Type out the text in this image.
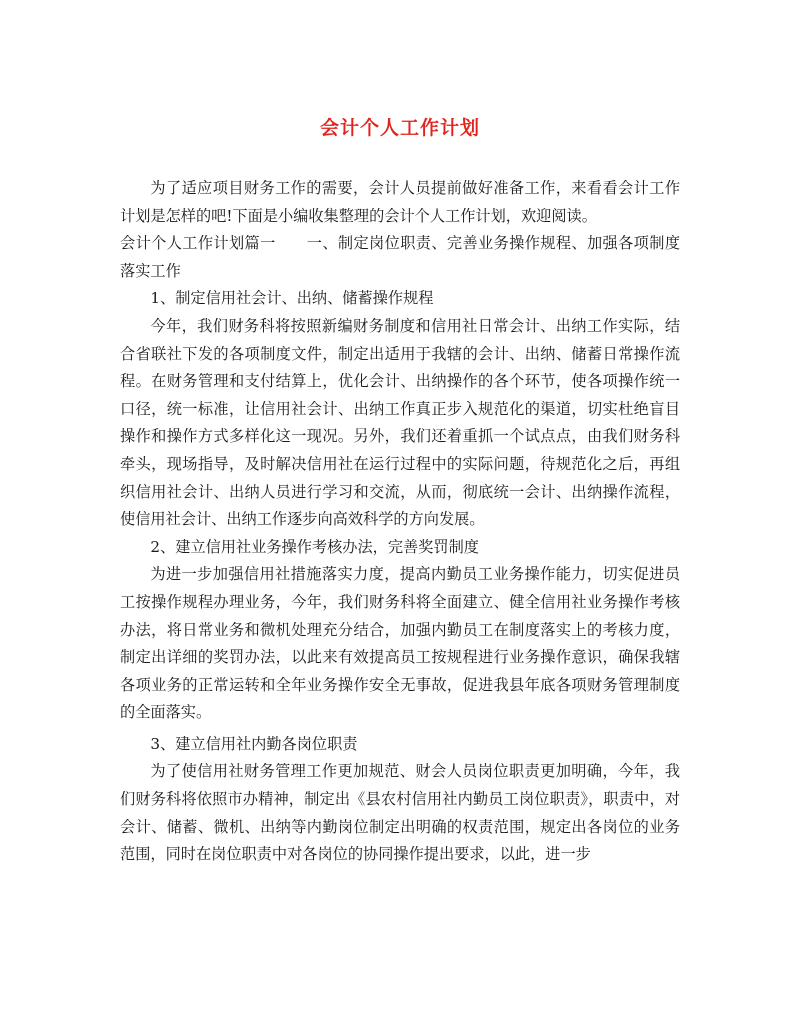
会计个人工作计划

为了适应项目财务工作的需要，会计人员提前做好准备工作，来看看会计工作计划是怎样的吧!下面是小编收集整理的会计个人工作计划，欢迎阅读。

会计个人工作计划篇一　　一、制定岗位职责、完善业务操作规程、加强各项制度落实工作

1、制定信用社会计、出纳、储蓄操作规程

今年，我们财务科将按照新编财务制度和信用社日常会计、出纳工作实际，结合省联社下发的各项制度文件，制定出适用于我辖的会计、出纳、储蓄日常操作流程。在财务管理和支付结算上，优化会计、出纳操作的各个环节，使各项操作统一口径，统一标准，让信用社会计、出纳工作真正步入规范化的渠道，切实杜绝盲目操作和操作方式多样化这一现况。另外，我们还着重抓一个试点点，由我们财务科牵头，现场指导，及时解决信用社在运行过程中的实际问题，待规范化之后，再组织信用社会计、出纳人员进行学习和交流，从而，彻底统一会计、出纳操作流程，使信用社会计、出纳工作逐步向高效科学的方向发展。

2、建立信用社业务操作考核办法，完善奖罚制度

为进一步加强信用社措施落实力度，提高内勤员工业务操作能力，切实促进员工按操作规程办理业务，今年，我们财务科将全面建立、健全信用社业务操作考核办法，将日常业务和微机处理充分结合，加强内勤员工在制度落实上的考核力度，制定出详细的奖罚办法，以此来有效提高员工按规程进行业务操作意识，确保我辖各项业务的正常运转和全年业务操作安全无事故，促进我县年底各项财务管理制度的全面落实。

3、建立信用社内勤各岗位职责

为了使信用社财务管理工作更加规范、财会人员岗位职责更加明确，今年，我们财务科将依照市办精神，制定出《县农村信用社内勤员工岗位职责》，职责中，对会计、储蓄、微机、出纳等内勤岗位制定出明确的权责范围，规定出各岗位的业务范围，同时在岗位职责中对各岗位的协同操作提出要求，以此，进一步
